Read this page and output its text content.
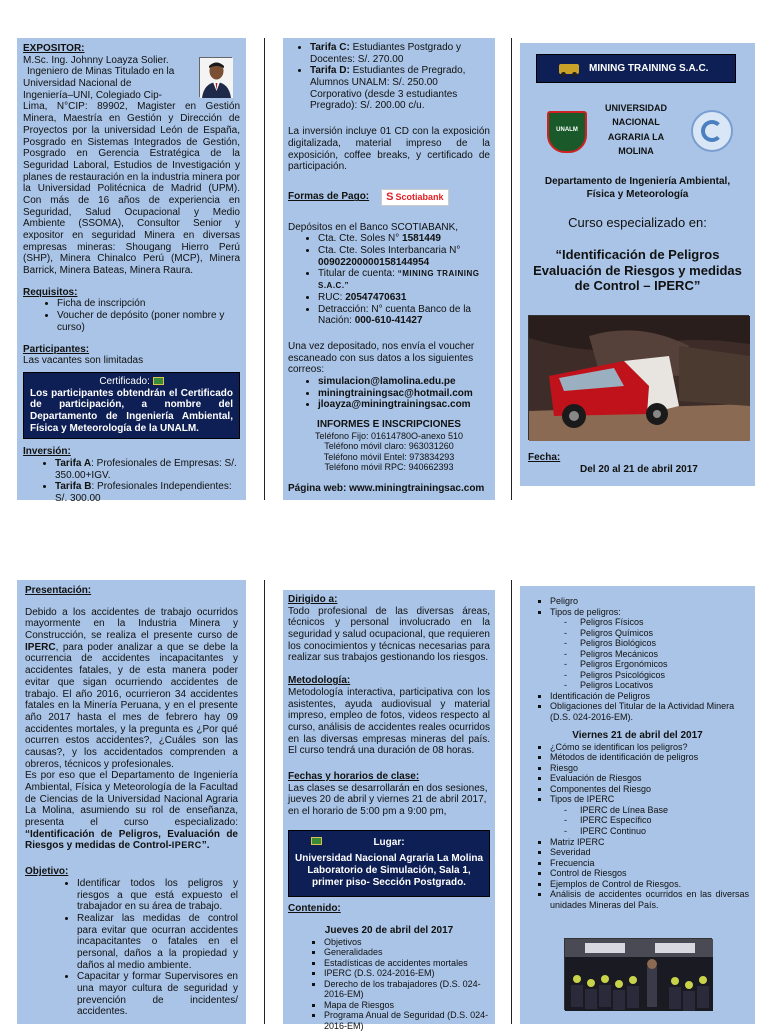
EXPOSITOR:
M.Sc. Ing. Johnny Loayza Solier.
Ingeniero de Minas Titulado en la
Universidad Nacional de
Ingeniería–UNI, Colegiado Cip-

Lima, N°CIP: 89902, Magister en Gestión Minera, Maestría en Gestión y Dirección de Proyectos por la universidad León de España, Posgrado en Sistemas Integrados de Gestión, Posgrado en Gerencia Estratégica de la Seguridad Laboral, Estudios de Investigación y planes de restauración en la industria minera por la Universidad Politécnica de Madrid (UPM). Con más de 16 años de experiencia en Seguridad, Salud Ocupacional y Medio Ambiente (SSOMA), Consultor Senior y expositor en seguridad Minera en diversas empresas mineras: Shougang Hierro Perú (SHP), Minera Chinalco Perú (MCP), Minera Barrick, Minera Bateas, Minera Raura.

Requisitos:
• Ficha de inscripción
• Voucher de depósito (poner nombre y curso)
Participantes:
Las vacantes son limitadas
Certificado:

Los participantes obtendrán el Certificado de participación, a nombre del Departamento de Ingeniería Ambiental, Física y Meteorología de la UNALM.

Inversión:
• Tarifa A: Profesionales de Empresas: S/. 350.00+IGV.
• Tarifa B: Profesionales Independientes: S/. 300.00
• Tarifa C: Estudiantes Postgrado y Docentes: S/. 270.00
• Tarifa D: Estudiantes de Pregrado, Alumnos UNALM: S/. 250.00 Corporativo (desde 3 estudiantes Pregrado): S/. 200.00 c/u.

La inversión incluye 01 CD con la exposición digitalizada, material impreso de la exposición, coffee breaks, y certificado de participación.

Formas de Pago: S Scotiabank
Depósitos en el Banco SCOTIABANK,
• Cta. Cte. Soles N° 1581449
• Cta. Cte. Soles Interbancaria N°
00902200000158144954
• Titular de cuenta: “MINING TRAINING S.A.C.”
• RUC: 20547470631
• Detracción: N° cuenta Banco de la Nación: 000-610-41427

Una vez depositado, nos envía el voucher escaneado con sus datos a los siguientes correos:

• simulacion@lamolina.edu.pe
• miningtrainingsac@hotmail.com
• jloayza@miningtrainingsac.com
INFORMES E INSCRIPCIONES
Teléfono Fijo: 01614780O-anexo 510
Teléfono móvil claro: 963031260
Teléfono móvil Entel: 973834293
Teléfono móvil RPC: 940662393
Página web: www.miningtrainingsac.com
MINING TRAINING S.A.C.
UNALM
UNIVERSIDAD
NACIONAL
AGRARIA LA
MOLINA
Departamento de Ingeniería Ambiental, Física y Meteorología
Curso especializado en:
“Identificación de Peligros Evaluación de Riesgos y medidas de Control – IPERC”
Fecha:
Del 20 al 21 de abril 2017
Presentación:

Debido a los accidentes de trabajo ocurridos mayormente en la Industria Minera y Construcción, se realiza el presente curso de IPERC, para poder analizar a que se debe la ocurrencia de accidentes incapacitantes y accidentes fatales, y de esta manera poder evitar que sigan ocurriendo accidentes de trabajo. El año 2016, ocurrieron 34 accidentes fatales en la Minería Peruana, y en el presente año 2017 hasta el mes de febrero hay 09 accidentes mortales, y la pregunta es ¿Por qué ocurren estos accidentes?, ¿Cuáles son las causas?, y los accidentados comprenden a obreros, técnicos y profesionales.

Es por eso que el Departamento de Ingeniería Ambiental, Física y Meteorología de la Facultad de Ciencias de la Universidad Nacional Agraria La Molina, asumiendo su rol de enseñanza, presenta el curso especializado: “Identificación de Peligros, Evaluación de Riesgos y medidas de Control-IPERC”.

Objetivo:
• Identificar todos los peligros y riesgos a que está expuesto el trabajador en su área de trabajo.
• Realizar las medidas de control para evitar que ocurran accidentes incapacitantes o fatales en el personal, daños a la propiedad y daños al medio ambiente.
• Capacitar y formar Supervisores en una mayor cultura de seguridad y prevención de incidentes/ accidentes.
Dirigido a:

Todo profesional de las diversas áreas, técnicos y personal involucrado en la seguridad y salud ocupacional, que requieren los conocimientos y técnicas necesarias para realizar sus trabajos gestionando los riesgos.

Metodología:

Metodología interactiva, participativa con los asistentes, ayuda audiovisual y material impreso, empleo de fotos, videos respecto al curso, análisis de accidentes reales ocurridos en las diversas empresas mineras del país. El curso tendrá una duración de 08 horas.

Fechas y horarios de clase:

Las clases se desarrollarán en dos sesiones, jueves 20 de abril y viernes 21 de abril 2017, en el horario de 5:00 pm a 9:00 pm,

Lugar:

Universidad Nacional Agraria La Molina Laboratorio de Simulación, Sala 1, primer piso- Sección Postgrado.

Contenido:
Jueves 20 de abril del 2017
▪ Objetivos
▪ Generalidades
▪ Estadísticas de accidentes mortales
▪ IPERC (D.S. 024-2016-EM)
▪ Derecho de los trabajadores (D.S. 024-2016-EM)
▪ Mapa de Riesgos
▪ Programa Anual de Seguridad (D.S. 024-2016-EM)
▪ Peligro
▪ Tipos de peligros:
- Peligros Físicos
- Peligros Químicos
- Peligros Biológicos
- Peligros Mecánicos
- Peligros Ergonómicos
- Peligros Psicológicos
- Peligros Locativos
▪ Identificación de Peligros
▪ Obligaciones del Titular de la Actividad Minera (D.S. 024-2016-EM).
Viernes 21 de abril del 2017
▪ ¿Cómo se identifican los peligros?
▪ Métodos de identificación de peligros
▪ Riesgo
▪ Evaluación de Riesgos
▪ Componentes del Riesgo
▪ Tipos de IPERC
- IPERC de Línea Base
- IPERC Específico
- IPERC Continuo
▪ Matriz IPERC
▪ Severidad
▪ Frecuencia
▪ Control de Riesgos
▪ Ejemplos de Control de Riesgos.
▪ Análisis de accidentes ocurridos en las diversas unidades Mineras del País.
